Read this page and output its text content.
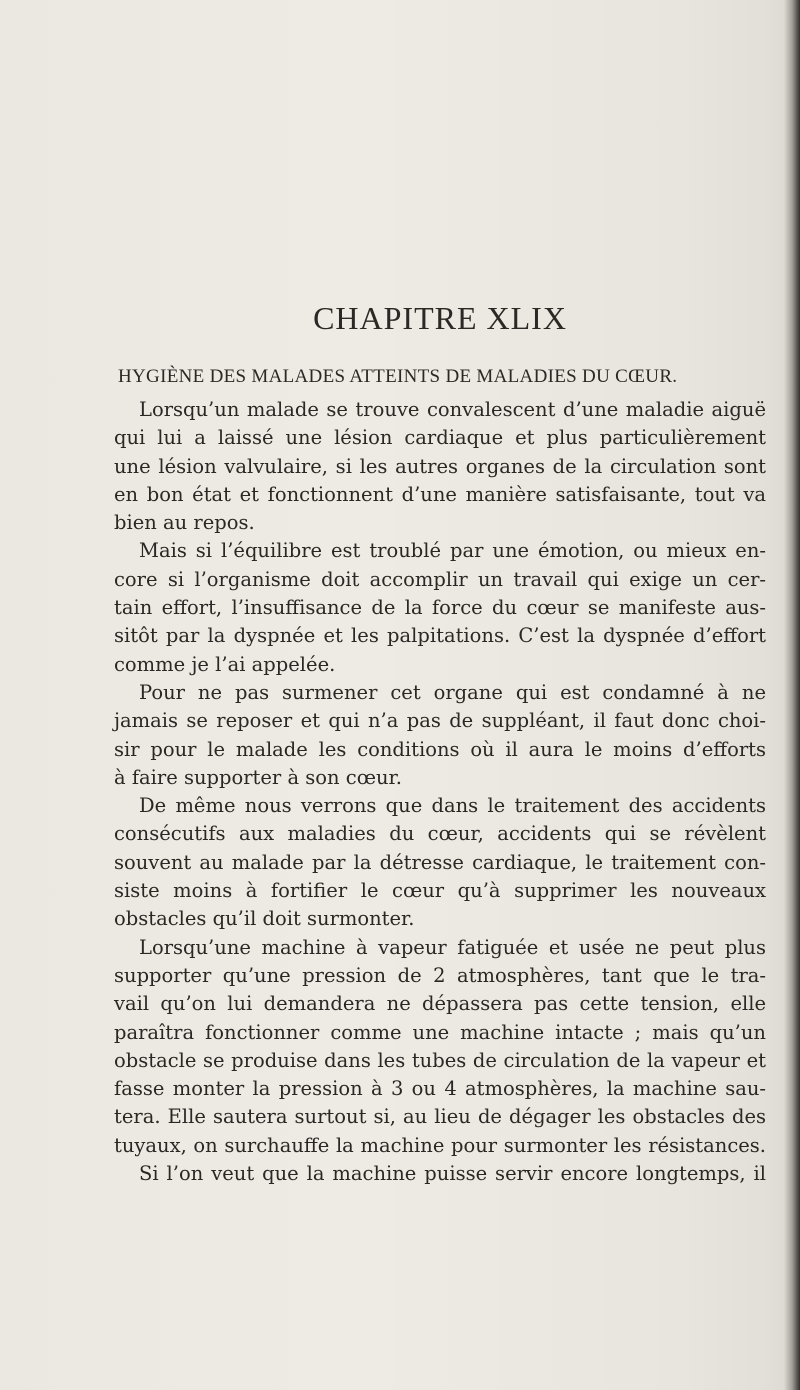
CHAPITRE XLIX
HYGIÈNE DES MALADES ATTEINTS DE MALADIES DU CŒUR.
Lorsqu’un malade se trouve convalescent d’une maladie aiguë
qui lui a laissé une lésion cardiaque et plus particulièrement
une lésion valvulaire, si les autres organes de la circulation sont
en bon état et fonctionnent d’une manière satisfaisante, tout va
bien au repos.
Mais si l’équilibre est troublé par une émotion, ou mieux en-
core si l’organisme doit accomplir un travail qui exige un cer-
tain effort, l’insuffisance de la force du cœur se manifeste aus-
sitôt par la dyspnée et les palpitations. C’est la dyspnée d’effort
comme je l’ai appelée.
Pour ne pas surmener cet organe qui est condamné à ne
jamais se reposer et qui n’a pas de suppléant, il faut donc choi-
sir pour le malade les conditions où il aura le moins d’efforts
à faire supporter à son cœur.
De même nous verrons que dans le traitement des accidents
consécutifs aux maladies du cœur, accidents qui se révèlent
souvent au malade par la détresse cardiaque, le traitement con-
siste moins à fortifier le cœur qu’à supprimer les nouveaux
obstacles qu’il doit surmonter.
Lorsqu’une machine à vapeur fatiguée et usée ne peut plus
supporter qu’une pression de 2 atmosphères, tant que le tra-
vail qu’on lui demandera ne dépassera pas cette tension, elle
paraîtra fonctionner comme une machine intacte ; mais qu’un
obstacle se produise dans les tubes de circulation de la vapeur et
fasse monter la pression à 3 ou 4 atmosphères, la machine sau-
tera. Elle sautera surtout si, au lieu de dégager les obstacles des
tuyaux, on surchauffe la machine pour surmonter les résistances.
Si l’on veut que la machine puisse servir encore longtemps, il
